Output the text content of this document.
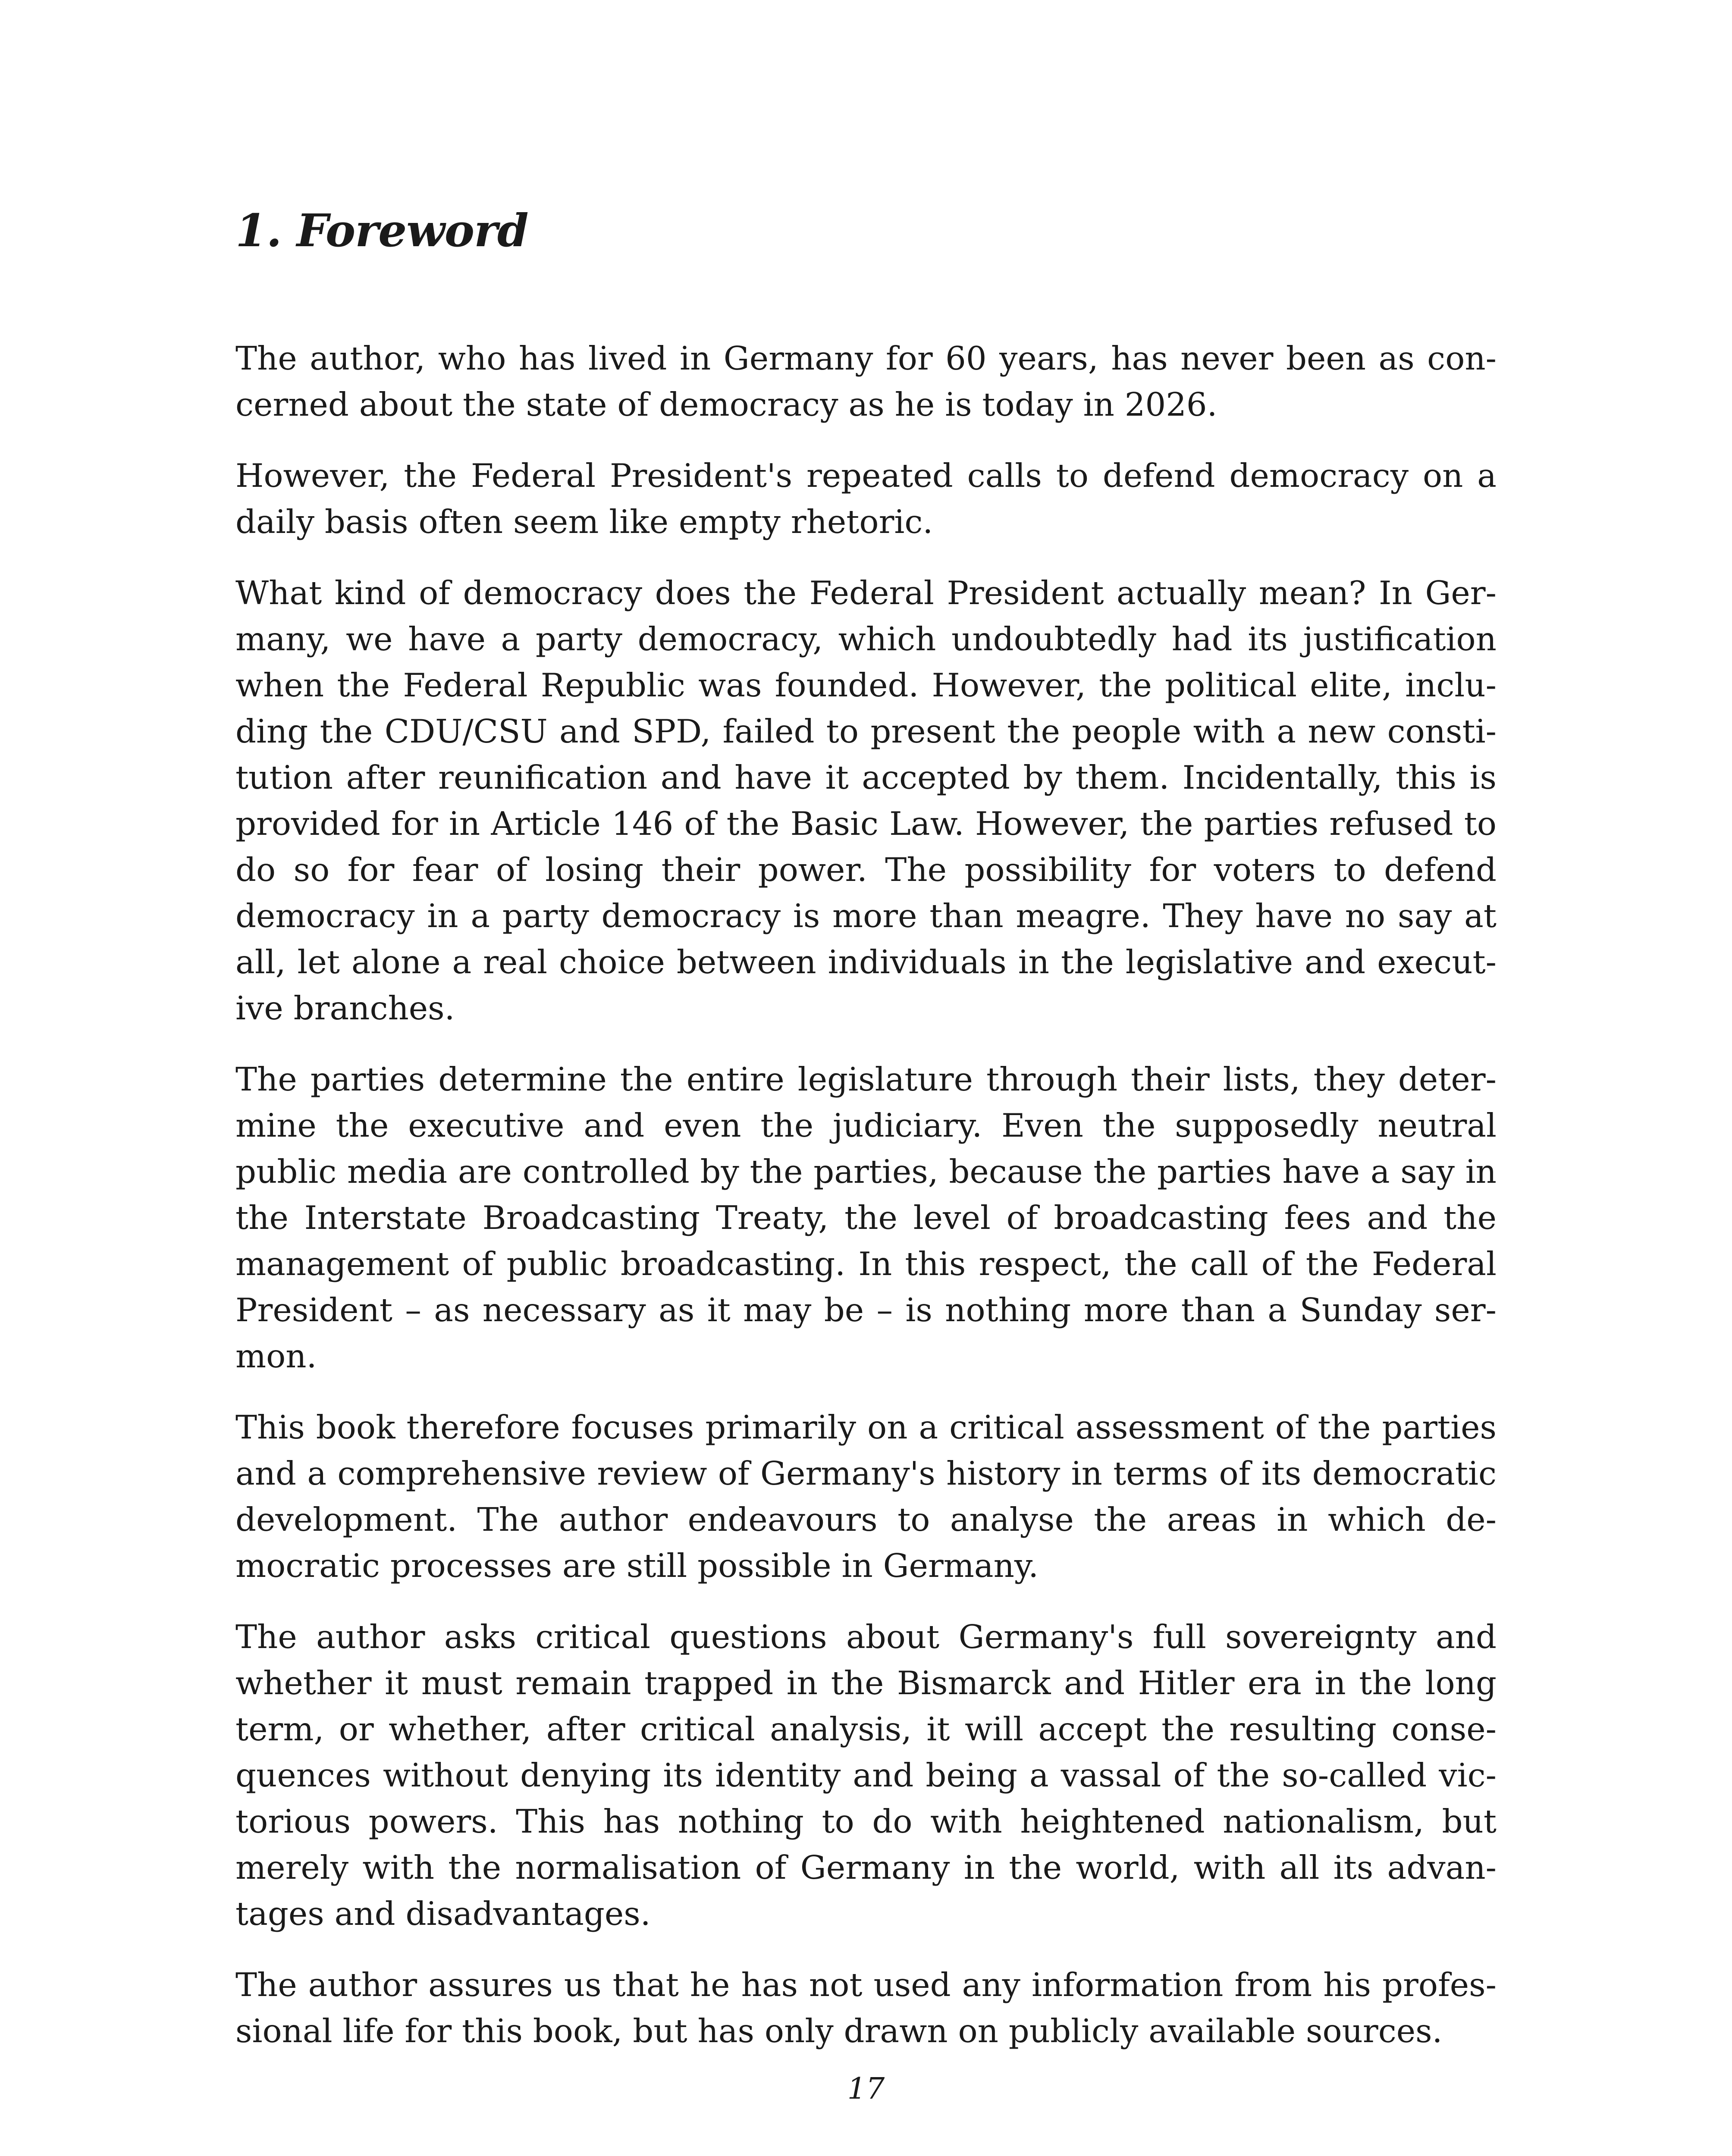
1. Foreword

The author, who has lived in Germany for 60 years, has never been as concerned about the state of democracy as he is today in 2026.

However, the Federal President's repeated calls to defend democracy on a daily basis often seem like empty rhetoric.

What kind of democracy does the Federal President actually mean? In Germany, we have a party democracy, which undoubtedly had its justification when the Federal Republic was founded. However, the political elite, including the CDU/CSU and SPD, failed to present the people with a new constitution after reunification and have it accepted by them. Incidentally, this is provided for in Article 146 of the Basic Law. However, the parties refused to do so for fear of losing their power. The possibility for voters to defend democracy in a party democracy is more than meagre. They have no say at all, let alone a real choice between individuals in the legislative and executive branches.

The parties determine the entire legislature through their lists, they determine the executive and even the judiciary. Even the supposedly neutral public media are controlled by the parties, because the parties have a say in the Interstate Broadcasting Treaty, the level of broadcasting fees and the management of public broadcasting. In this respect, the call of the Federal President – as necessary as it may be – is nothing more than a Sunday sermon.

This book therefore focuses primarily on a critical assessment of the parties and a comprehensive review of Germany's history in terms of its democratic development. The author endeavours to analyse the areas in which democratic processes are still possible in Germany.

The author asks critical questions about Germany's full sovereignty and whether it must remain trapped in the Bismarck and Hitler era in the long term, or whether, after critical analysis, it will accept the resulting consequences without denying its identity and being a vassal of the so-called victorious powers. This has nothing to do with heightened nationalism, but merely with the normalisation of Germany in the world, with all its advantages and disadvantages.

The author assures us that he has not used any information from his professional life for this book, but has only drawn on publicly available sources.

17
